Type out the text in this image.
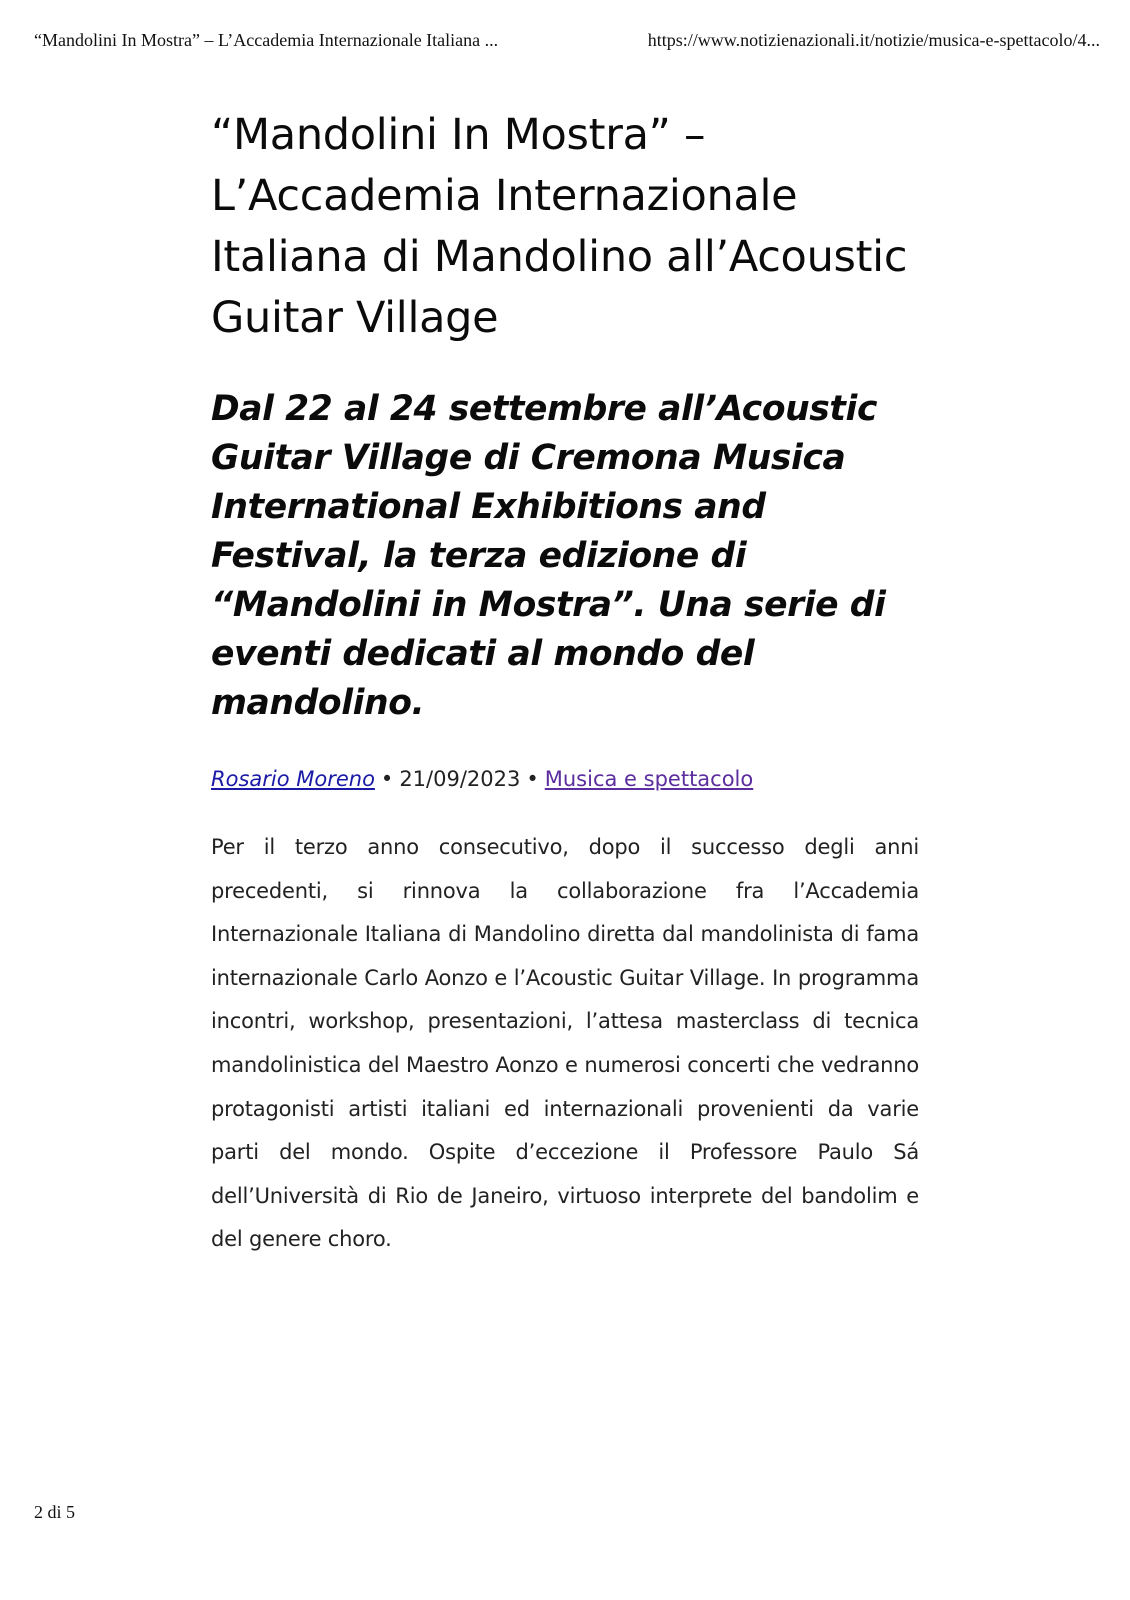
“Mandolini In Mostra” – L’Accademia Internazionale Italiana ...	https://www.notizienazionali.it/notizie/musica-e-spettacolo/4...
“Mandolini In Mostra” – L’Accademia Internazionale Italiana di Mandolino all’Acoustic Guitar Village
Dal 22 al 24 settembre all’Acoustic Guitar Village di Cremona Musica International Exhibitions and Festival, la terza edizione di “Mandolini in Mostra”. Una serie di eventi dedicati al mondo del mandolino.
Rosario Moreno • 21/09/2023 • Musica e spettacolo

Per il terzo anno consecutivo, dopo il successo degli anni precedenti, si rinnova la collaborazione fra l’Accademia Internazionale Italiana di Mandolino diretta dal mandolinista di fama internazionale Carlo Aonzo e l’Acoustic Guitar Village. In programma incontri, workshop, presentazioni, l’attesa masterclass di tecnica mandolinistica del Maestro Aonzo e numerosi concerti che vedranno protagonisti artisti italiani ed internazionali provenienti da varie parti del mondo. Ospite d’eccezione il Professore Paulo Sá dell’Università di Rio de Janeiro, virtuoso interprete del bandolim e del genere choro.

2 di 5
